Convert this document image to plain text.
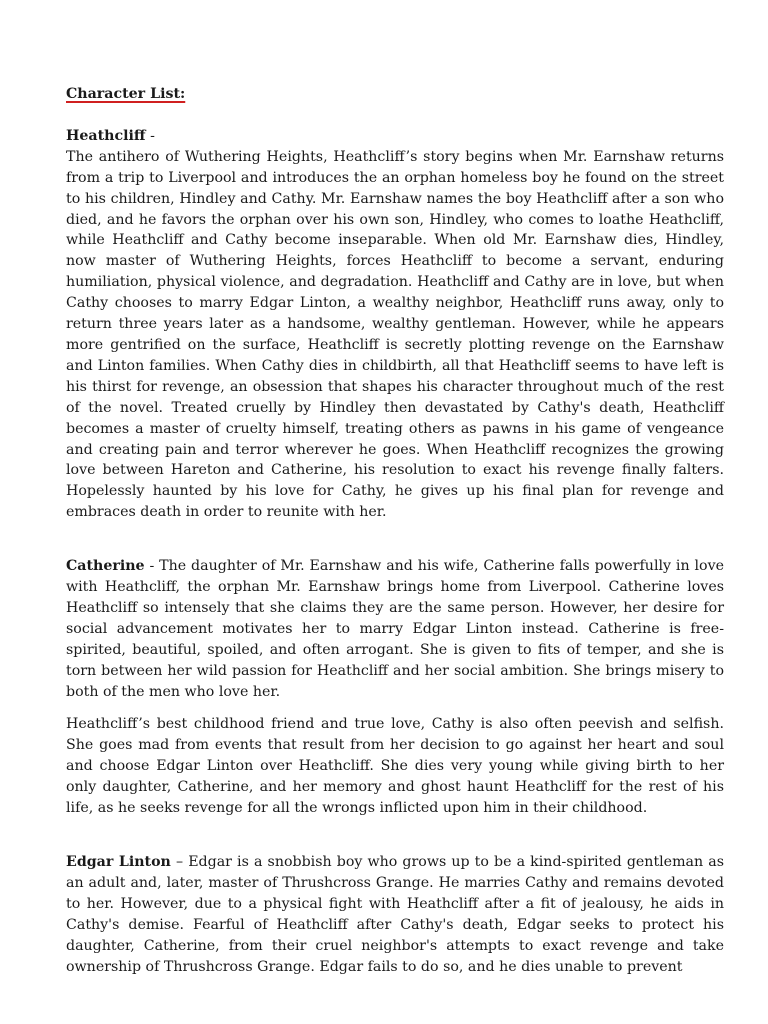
Character List:

Heathcliff -

The antihero of Wuthering Heights, Heathcliff’s story begins when Mr. Earnshaw returns from a trip to Liverpool and introduces the an orphan homeless boy he found on the street to his children, Hindley and Cathy. Mr. Earnshaw names the boy Heathcliff after a son who died, and he favors the orphan over his own son, Hindley, who comes to loathe Heathcliff, while Heathcliff and Cathy become inseparable. When old Mr. Earnshaw dies, Hindley, now master of Wuthering Heights, forces Heathcliff to become a servant, enduring humiliation, physical violence, and degradation. Heathcliff and Cathy are in love, but when Cathy chooses to marry Edgar Linton, a wealthy neighbor, Heathcliff runs away, only to return three years later as a handsome, wealthy gentleman. However, while he appears more gentrified on the surface, Heathcliff is secretly plotting revenge on the Earnshaw and Linton families. When Cathy dies in childbirth, all that Heathcliff seems to have left is his thirst for revenge, an obsession that shapes his character throughout much of the rest of the novel. Treated cruelly by Hindley then devastated by Cathy's death, Heathcliff becomes a master of cruelty himself, treating others as pawns in his game of vengeance and creating pain and terror wherever he goes. When Heathcliff recognizes the growing love between Hareton and Catherine, his resolution to exact his revenge finally falters. Hopelessly haunted by his love for Cathy, he gives up his final plan for revenge and embraces death in order to reunite with her.

Catherine - The daughter of Mr. Earnshaw and his wife, Catherine falls powerfully in love with Heathcliff, the orphan Mr. Earnshaw brings home from Liverpool. Catherine loves Heathcliff so intensely that she claims they are the same person. However, her desire for social advancement motivates her to marry Edgar Linton instead. Catherine is free-spirited, beautiful, spoiled, and often arrogant. She is given to fits of temper, and she is torn between her wild passion for Heathcliff and her social ambition. She brings misery to both of the men who love her.

Heathcliff’s best childhood friend and true love, Cathy is also often peevish and selfish. She goes mad from events that result from her decision to go against her heart and soul and choose Edgar Linton over Heathcliff. She dies very young while giving birth to her only daughter, Catherine, and her memory and ghost haunt Heathcliff for the rest of his life, as he seeks revenge for all the wrongs inflicted upon him in their childhood.

Edgar Linton – Edgar is a snobbish boy who grows up to be a kind-spirited gentleman as an adult and, later, master of Thrushcross Grange. He marries Cathy and remains devoted to her. However, due to a physical fight with Heathcliff after a fit of jealousy, he aids in Cathy's demise. Fearful of Heathcliff after Cathy's death, Edgar seeks to protect his daughter, Catherine, from their cruel neighbor's attempts to exact revenge and take ownership of Thrushcross Grange. Edgar fails to do so, and he dies unable to prevent
